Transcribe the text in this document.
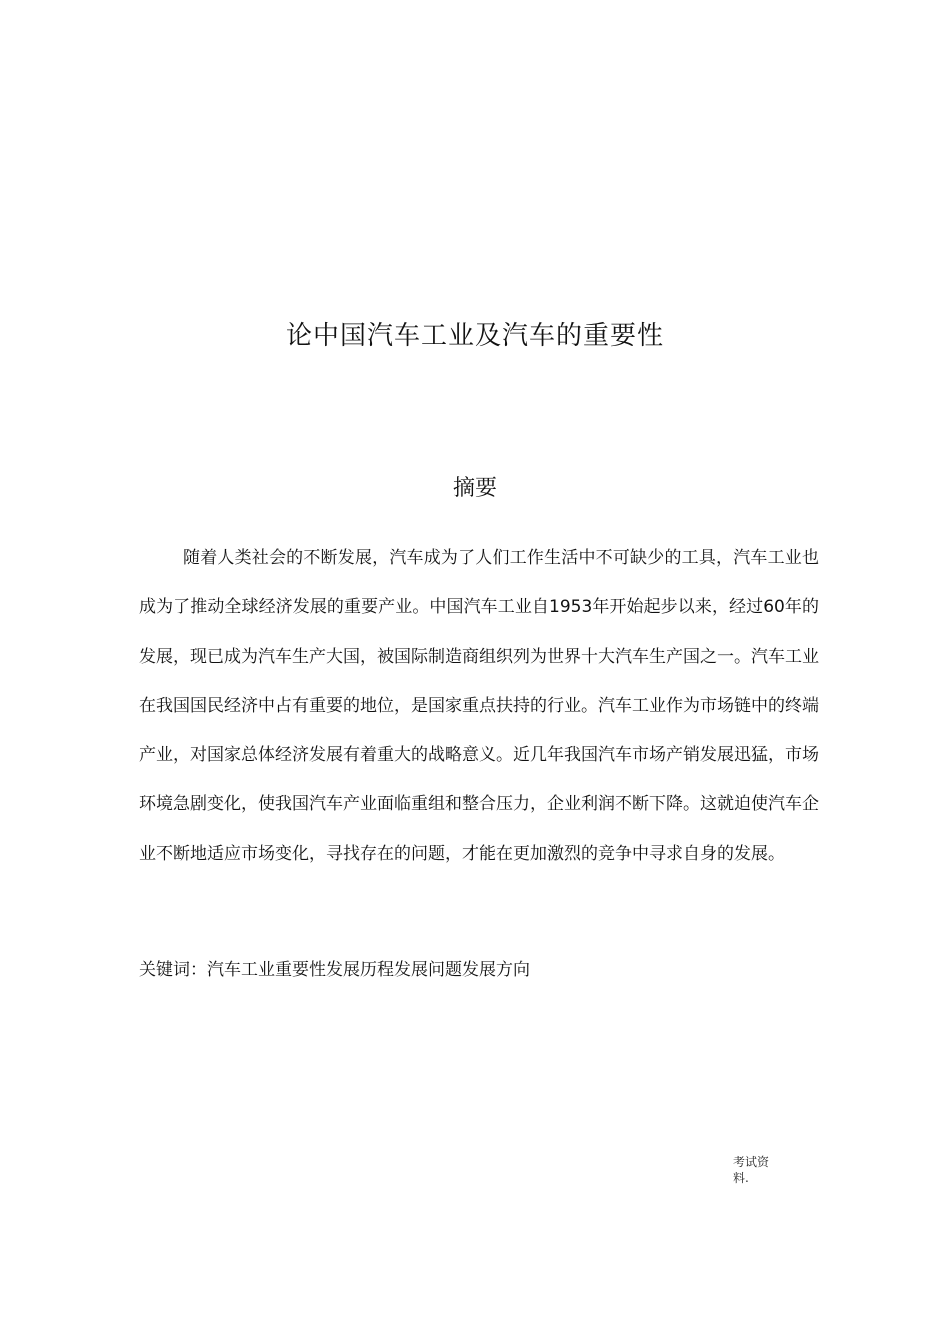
论中国汽车工业及汽车的重要性
摘要

随着人类社会的不断发展，汽车成为了人们工作生活中不可缺少的工具，汽车工业也成为了推动全球经济发展的重要产业。中国汽车工业自1953年开始起步以来，经过60年的发展，现已成为汽车生产大国，被国际制造商组织列为世界十大汽车生产国之一。汽车工业在我国国民经济中占有重要的地位，是国家重点扶持的行业。汽车工业作为市场链中的终端产业，对国家总体经济发展有着重大的战略意义。近几年我国汽车市场产销发展迅猛，市场环境急剧变化，使我国汽车产业面临重组和整合压力，企业利润不断下降。这就迫使汽车企业不断地适应市场变化，寻找存在的问题，才能在更加激烈的竞争中寻求自身的发展。

关键词：汽车工业重要性发展历程发展问题发展方向

考试资料.
